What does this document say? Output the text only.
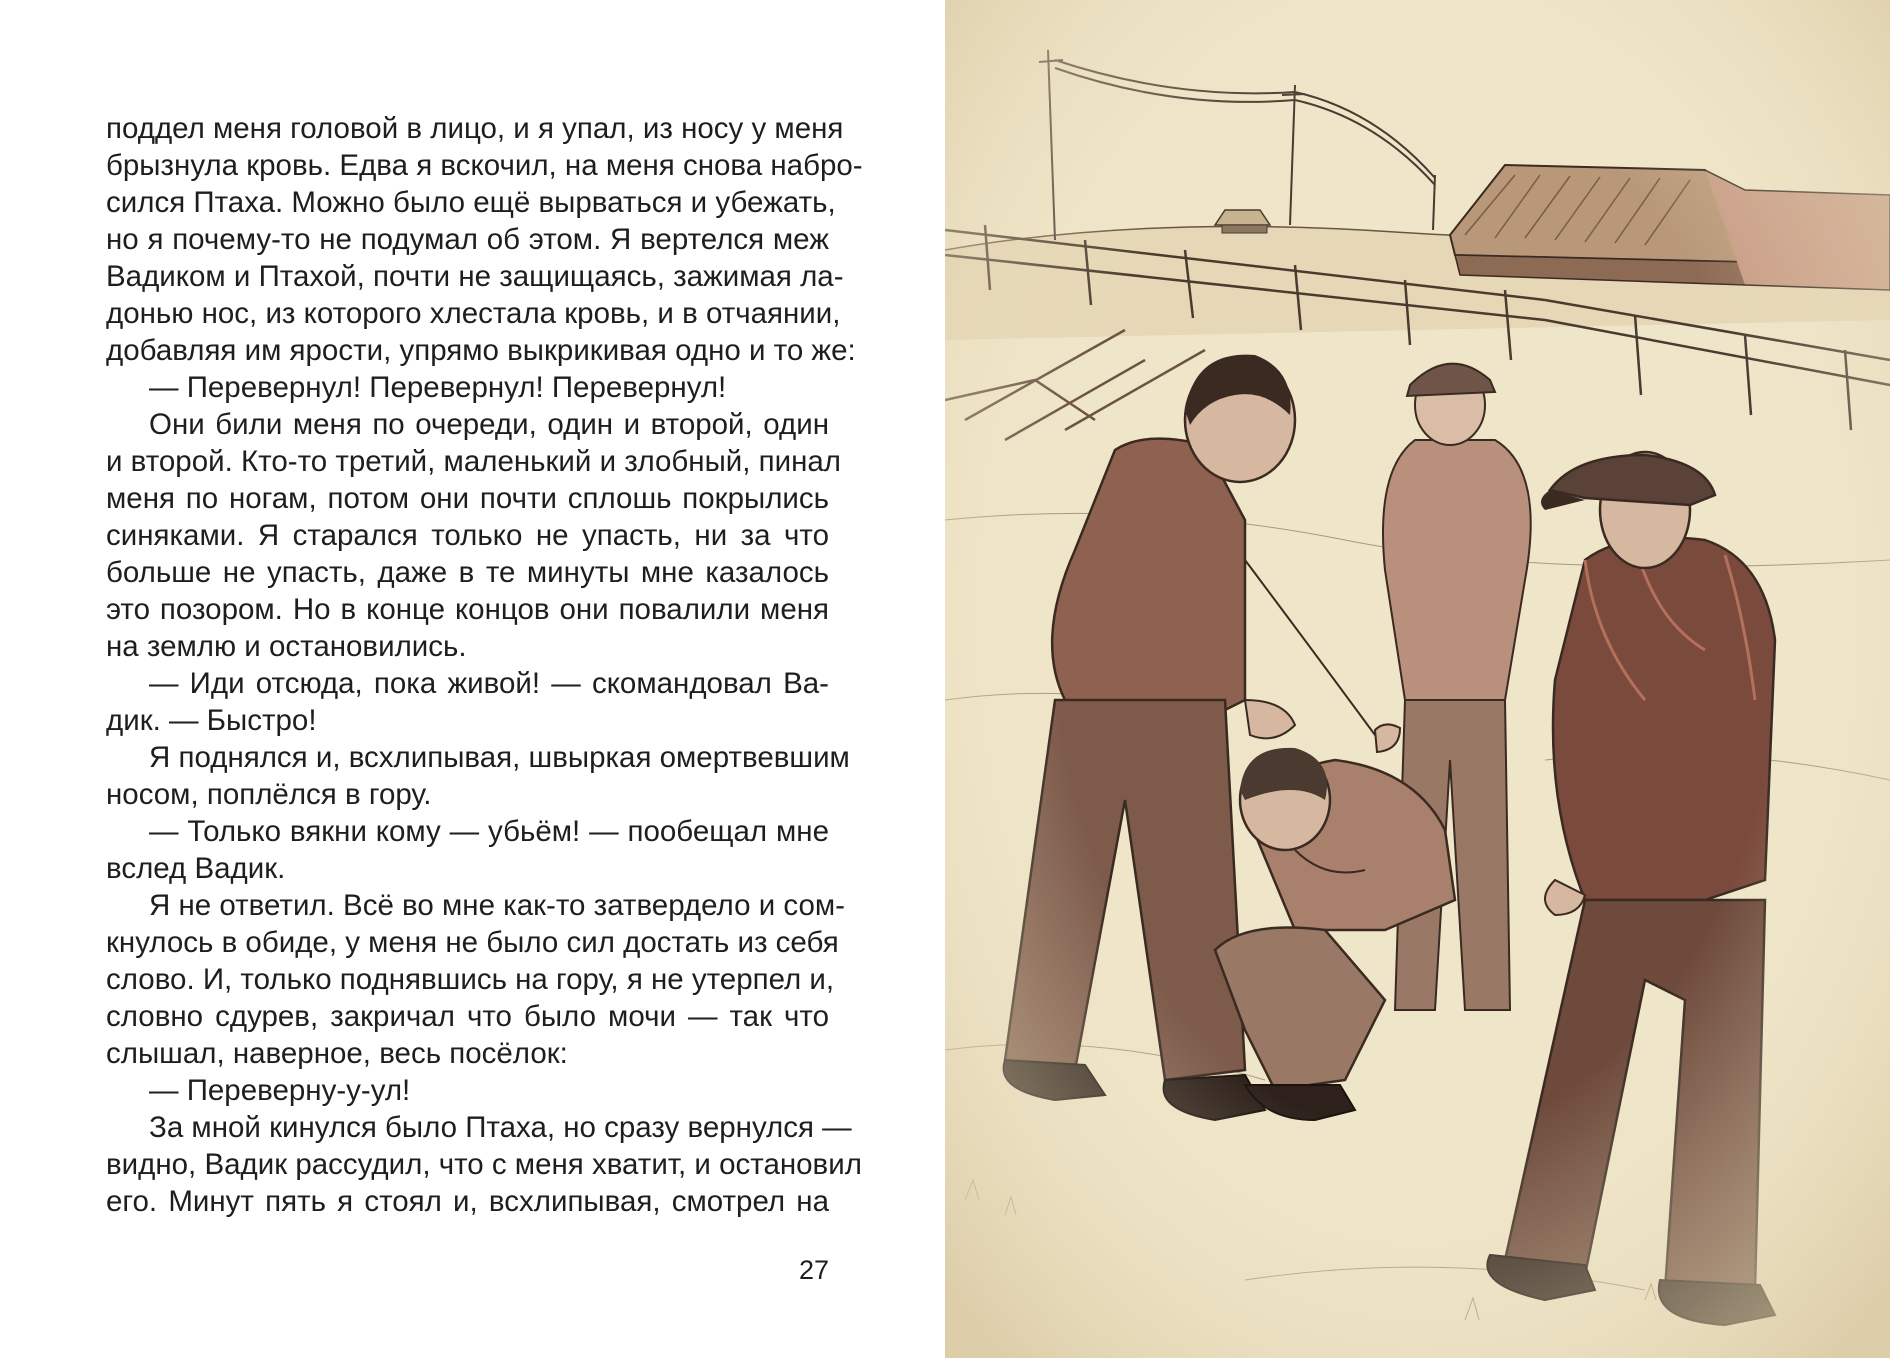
поддел меня головой в лицо, и я упал, из носу у меня
брызнула кровь. Едва я вскочил, на меня снова набро-
сился Птаха. Можно было ещё вырваться и убежать,
но я почему-то не подумал об этом. Я вертелся меж
Вадиком и Птахой, почти не защищаясь, зажимая ла-
донью нос, из которого хлестала кровь, и в отчаянии,
добавляя им ярости, упрямо выкрикивая одно и то же:
— Перевернул! Перевернул! Перевернул!
Они били меня по очереди, один и второй, один
и второй. Кто-то третий, маленький и злобный, пинал
меня по ногам, потом они почти сплошь покрылись
синяками. Я старался только не упасть, ни за что
больше не упасть, даже в те минуты мне казалось
это позором. Но в конце концов они повалили меня
на землю и остановились.
— Иди отсюда, пока живой! — скомандовал Ва-
дик. — Быстро!
Я поднялся и, всхлипывая, швыркая омертвевшим
носом, поплёлся в гору.
— Только вякни кому — убьём! — пообещал мне
вслед Вадик.
Я не ответил. Всё во мне как-то затвердело и сом-
кнулось в обиде, у меня не было сил достать из себя
слово. И, только поднявшись на гору, я не утерпел и,
словно сдурев, закричал что было мочи — так что
слышал, наверное, весь посёлок:
— Переверну-у-ул!
За мной кинулся было Птаха, но сразу вернулся —
видно, Вадик рассудил, что с меня хватит, и остановил
его. Минут пять я стоял и, всхлипывая, смотрел на
27
